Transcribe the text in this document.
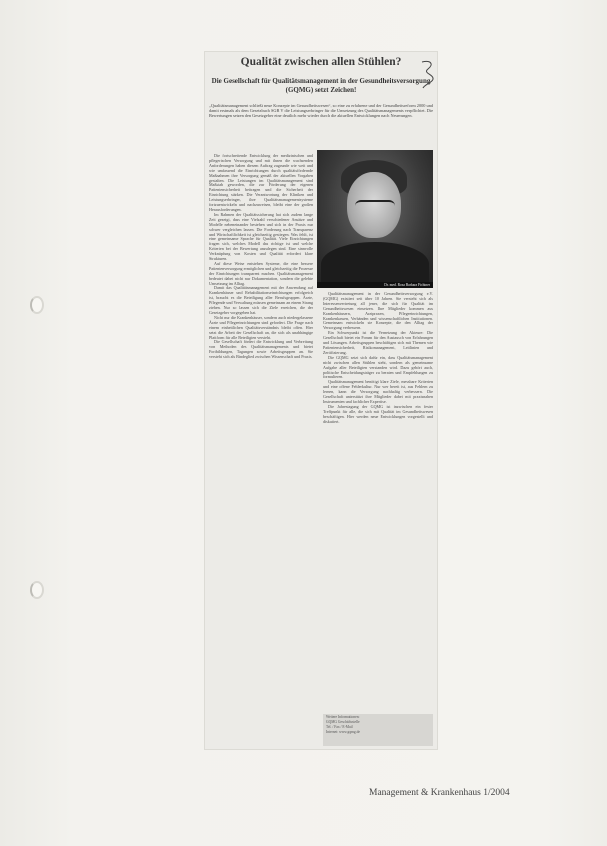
Qualität zwischen allen Stühlen?
Die Gesellschaft für Qualitätsmanagement in der Gesundheitsversorgung (GQMG) setzt Zeichen!

„Qualitätsmanagement schließt neue Konzepte im Gesundheitswesen“, so eine zu erfahrene und der Gesundheitsreform 2000 und damit erstmals als dem Gesetzbuch SGB V die Leistungserbringer für die Umsetzung des Qualitätsmanagements verpflichtet. Die Bewertungen setzen den Gesetzgeber eine deutlich mehr wieder durch die aktuellen Entwicklungen nach Neuerungen.

Dr. med. Rosa Barbara Fichtner

Die fortschreitende Entwicklung der medizinischen und pflegerischen Versorgung und mit ihnen die wachsenden Anforderungen haben diesem Auftrag zugrunde wie weit und wie umfassend die Einrichtungen durch qualitätsfördernde Maßnahmen ihre Versorgung gemäß der aktuellen Vorgaben gestalten. Die Leistungen im Qualitätsmanagement sind Maßstab geworden, die zur Förderung der eigenen Patientensicherheit beitragen und die Sicherheit der Einrichtung stärken. Die Verantwortung der Kliniken und Leistungserbringer, ihre Qualitätsmanagementsysteme fortzuentwickeln und nachzuweisen, bleibt eine der großen Herausforderungen.

Im Rahmen der Qualitätssicherung hat sich zudem lange Zeit gezeigt, dass eine Vielzahl verschiedener Ansätze und Modelle nebeneinander bestehen und sich in der Praxis nur schwer vergleichen lassen. Die Forderung nach Transparenz und Wirtschaftlichkeit ist gleichzeitig gestiegen. Was fehlt, ist eine gemeinsame Sprache für Qualität. Viele Einrichtungen fragen sich, welches Modell das richtige ist und welche Kriterien bei der Bewertung anzulegen sind. Eine sinnvolle Verknüpfung von Kosten und Qualität erfordert klare Strukturen.

Auf diese Weise entstehen Systeme, die eine bessere Patientenversorgung ermöglichen und gleichzeitig die Prozesse der Einrichtungen transparent machen. Qualitätsmanagement bedeutet dabei nicht nur Dokumentation, sondern die gelebte Umsetzung im Alltag.

Damit das Qualitätsmanagement mit der Anwendung auf Krankenhäuser und Rehabilitationseinrichtungen erfolgreich ist, braucht es die Beteiligung aller Berufsgruppen. Ärzte, Pflegende und Verwaltung müssen gemeinsam an einem Strang ziehen. Nur so lassen sich die Ziele erreichen, die der Gesetzgeber vorgegeben hat.

Nicht nur die Krankenhäuser, sondern auch niedergelassene Ärzte und Pflegeeinrichtungen sind gefordert. Die Frage nach einem einheitlichen Qualitätsverständnis bleibt offen. Hier setzt die Arbeit der Gesellschaft an, die sich als unabhängige Plattform für alle Beteiligten versteht.

Die Gesellschaft fördert die Entwicklung und Verbreitung von Methoden des Qualitätsmanagements und bietet Fortbildungen, Tagungen sowie Arbeitsgruppen an. Sie versteht sich als Bindeglied zwischen Wissenschaft und Praxis.

Qualitätsmanagement in der Gesundheitsversorgung e.V. (GQMG) existiert seit über 10 Jahren. Sie versteht sich als Interessenvertretung all jener, die sich für Qualität im Gesundheitswesen einsetzen. Ihre Mitglieder kommen aus Krankenhäusern, Arztpraxen, Pflegeeinrichtungen, Krankenkassen, Verbänden und wissenschaftlichen Institutionen. Gemeinsam entwickeln sie Konzepte, die den Alltag der Versorgung verbessern.

Ein Schwerpunkt ist die Vernetzung der Akteure: Die Gesellschaft bietet ein Forum für den Austausch von Erfahrungen und Lösungen. Arbeitsgruppen beschäftigen sich mit Themen wie Patientensicherheit, Risikomanagement, Leitlinien und Zertifizierung.

Die GQMG setzt sich dafür ein, dass Qualitätsmanagement nicht zwischen allen Stühlen steht, sondern als gemeinsame Aufgabe aller Beteiligten verstanden wird. Dazu gehört auch, politische Entscheidungsträger zu beraten und Empfehlungen zu formulieren.

Qualitätsmanagement benötigt klare Ziele, messbare Kriterien und eine offene Fehlerkultur. Nur wer bereit ist, aus Fehlern zu lernen, kann die Versorgung nachhaltig verbessern. Die Gesellschaft unterstützt ihre Mitglieder dabei mit praxisnahen Instrumenten und fachlicher Expertise.

Die Jahrestagung der GQMG ist inzwischen ein fester Treffpunkt für alle, die sich mit Qualität im Gesundheitswesen beschäftigen. Hier werden neue Entwicklungen vorgestellt und diskutiert.

Weitere Informationen:
GQMG Geschäftsstelle
Tel. / Fax / E-Mail
Internet: www.gqmg.de

Management & Krankenhaus 1/2004
